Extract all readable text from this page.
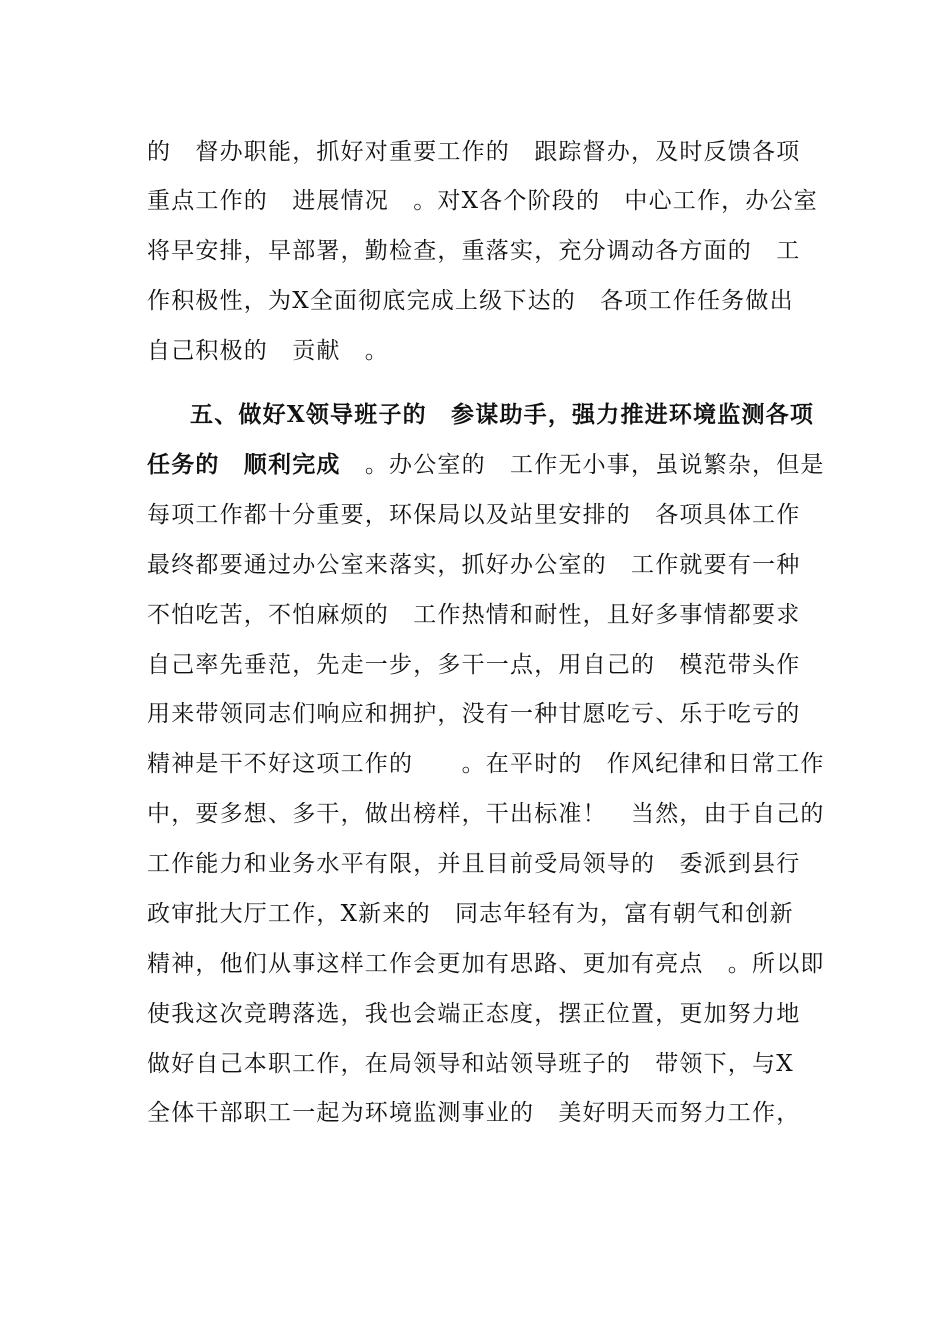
的　督办职能，抓好对重要工作的　跟踪督办，及时反馈各项
重点工作的　进展情况　。对X各个阶段的　中心工作，办公室
将早安排，早部署，勤检查，重落实，充分调动各方面的　工
作积极性，为X全面彻底完成上级下达的　各项工作任务做出
自己积极的　贡献　。
五、做好X领导班子的　参谋助手，强力推进环境监测各项
任务的　顺利完成　。办公室的　工作无小事，虽说繁杂，但是
每项工作都十分重要，环保局以及站里安排的　各项具体工作
最终都要通过办公室来落实，抓好办公室的　工作就要有一种
不怕吃苦，不怕麻烦的　工作热情和耐性，且好多事情都要求
自己率先垂范，先走一步，多干一点，用自己的　模范带头作
用来带领同志们响应和拥护，没有一种甘愿吃亏、乐于吃亏的
精神是干不好这项工作的　　。在平时的　作风纪律和日常工作
中，要多想、多干，做出榜样，干出标准！　当然，由于自己的
工作能力和业务水平有限，并且目前受局领导的　委派到县行
政审批大厅工作，X新来的　同志年轻有为，富有朝气和创新
精神，他们从事这样工作会更加有思路、更加有亮点　。所以即
使我这次竞聘落选，我也会端正态度，摆正位置，更加努力地
做好自己本职工作，在局领导和站领导班子的　带领下，与X
全体干部职工一起为环境监测事业的　美好明天而努力工作，
